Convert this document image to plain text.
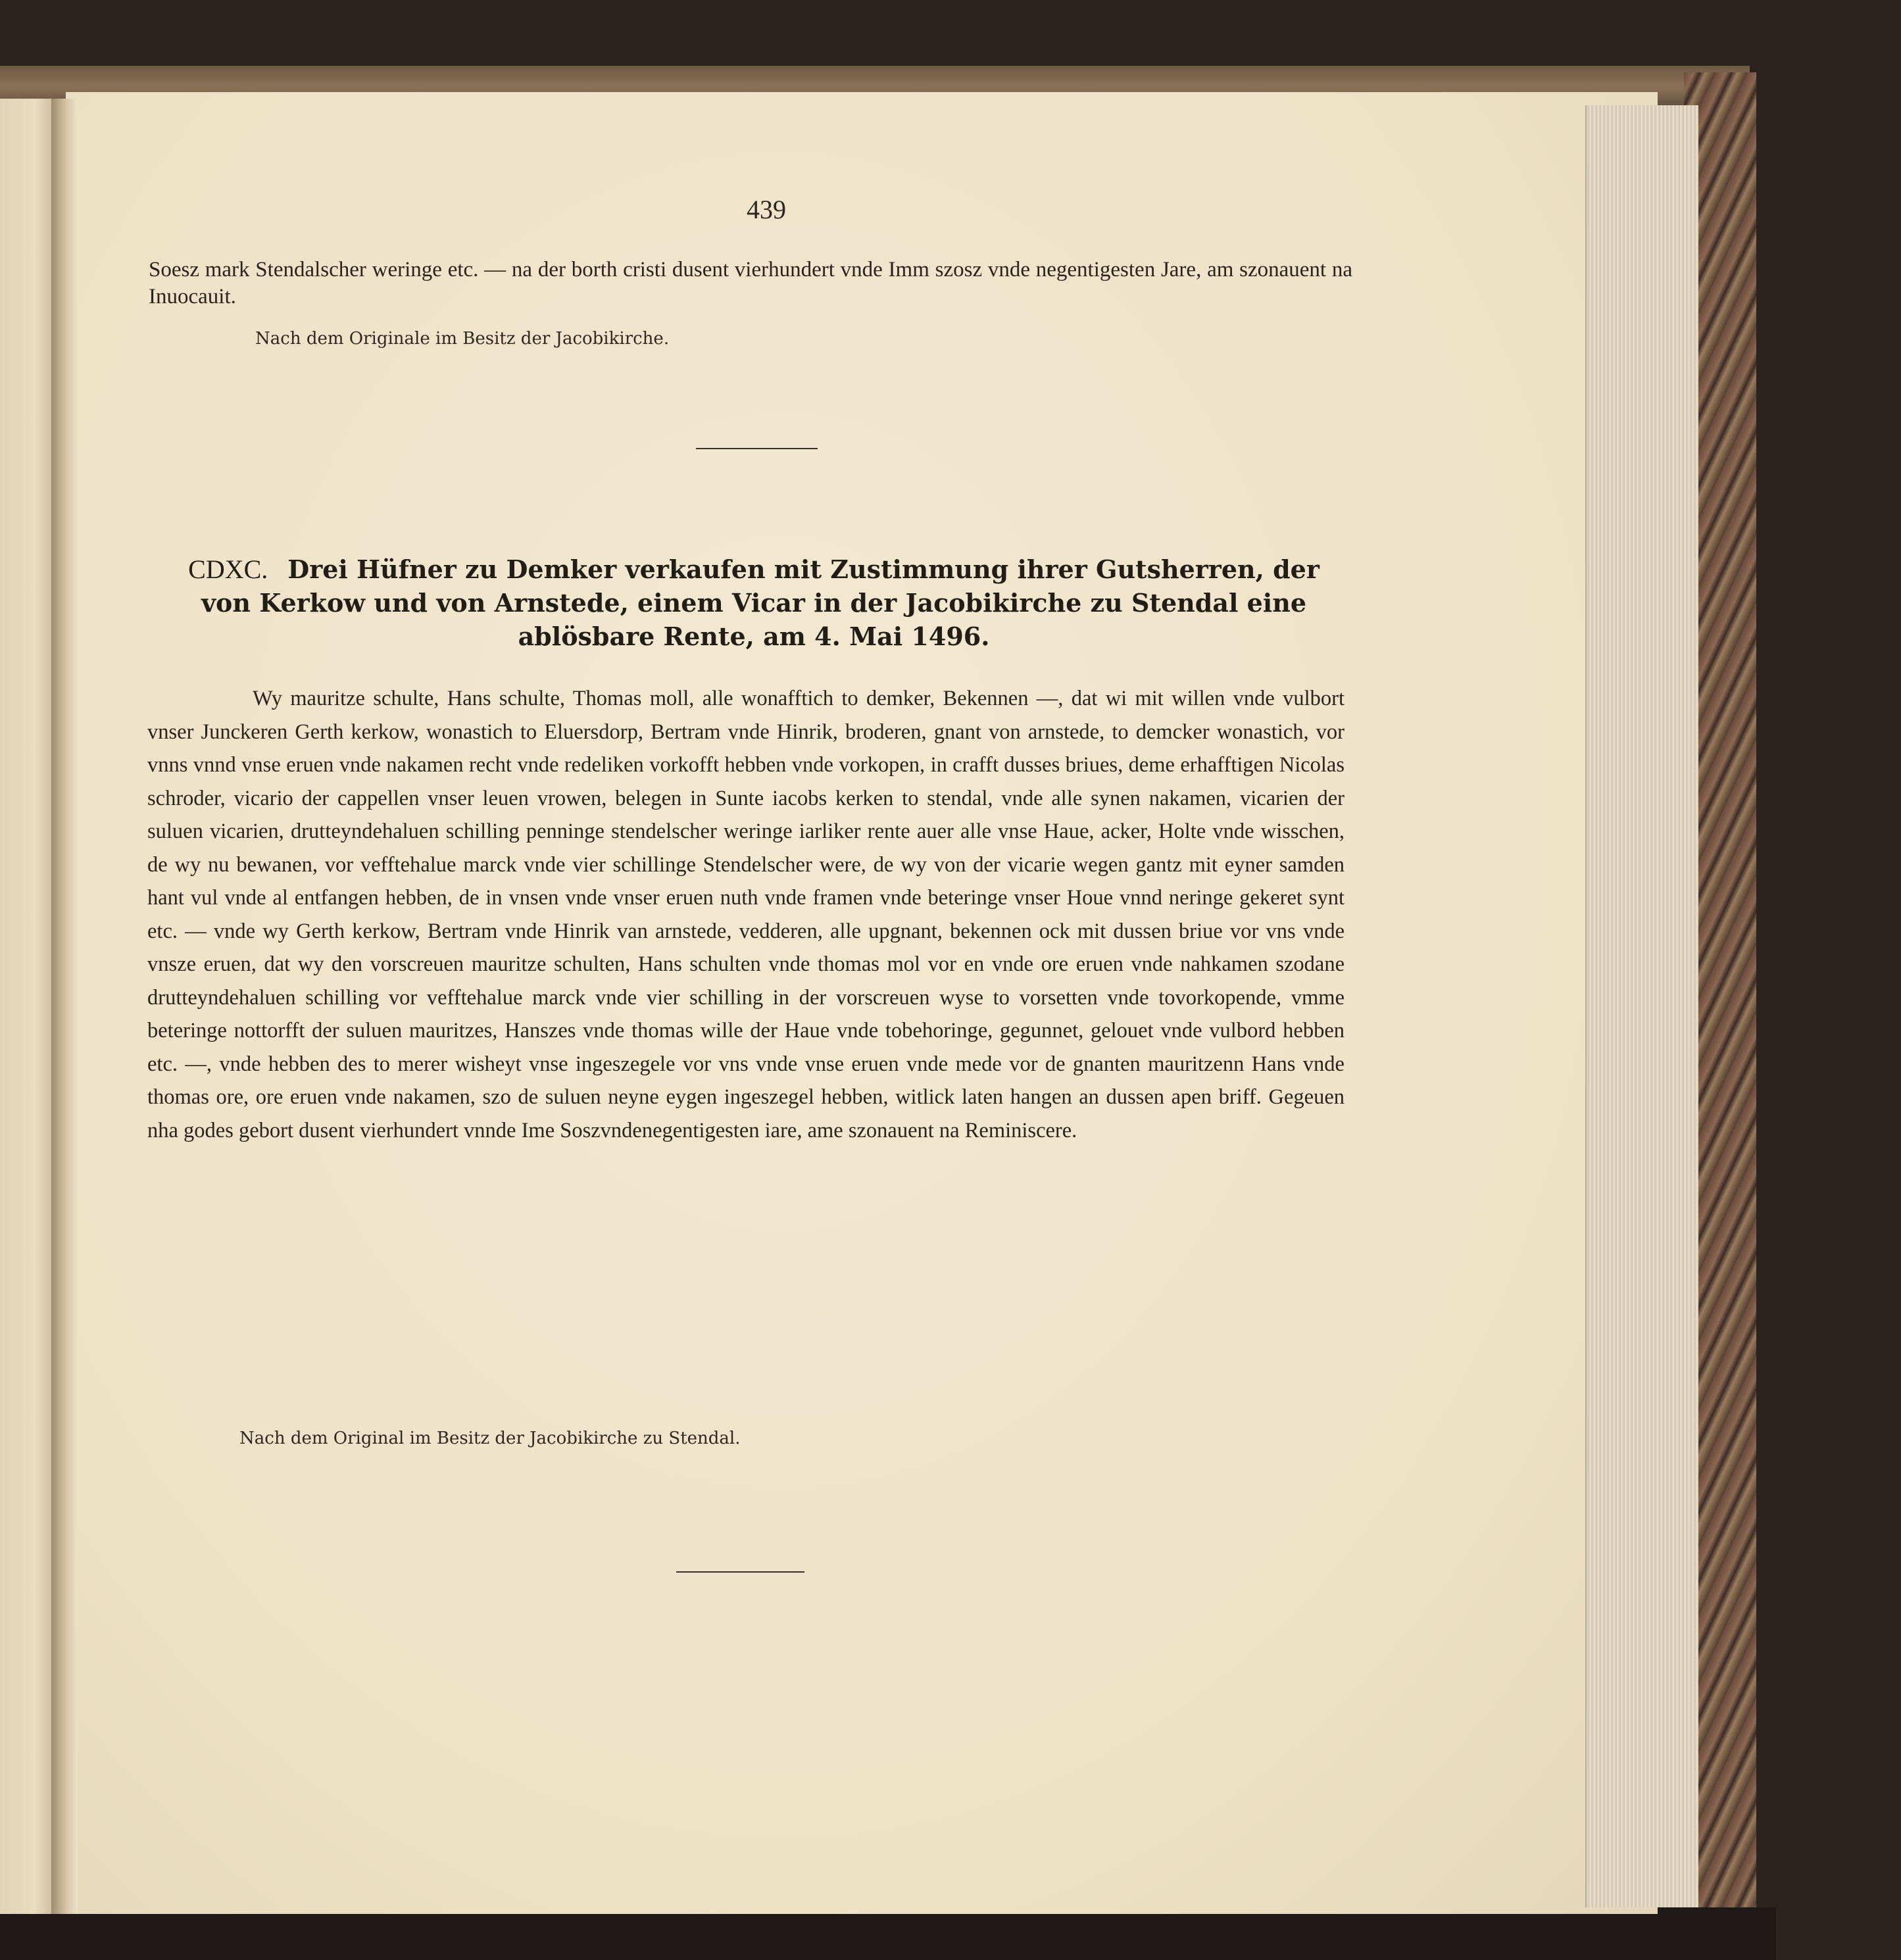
439
Soesz mark Stendalscher weringe etc. — na der borth cristi dusent vierhundert vnde Imm szosz vnde negentigesten Jare, am szonauent na Inuocauit.
Nach dem Originale im Besitz der Jacobikirche.
CDXC. Drei Hüfner zu Demker verkaufen mit Zustimmung ihrer Gutsherren, der von Kerkow und von Arnstede, einem Vicar in der Jacobikirche zu Stendal eine ablösbare Rente, am 4. Mai 1496.
Wy mauritze schulte, Hans schulte, Thomas moll, alle wonafftich to demker, Bekennen —, dat wi mit willen vnde vulbort vnser Junckeren Gerth kerkow, wonastich to Eluersdorp, Bertram vnde Hinrik, broderen, gnant von arnstede, to demcker wonastich, vor vnns vnnd vnse eruen vnde nakamen recht vnde redeliken vorkofft hebben vnde vorkopen, in crafft dusses briues, deme erhafftigen Nicolas schroder, vicario der cappellen vnser leuen vrowen, belegen in Sunte iacobs kerken to stendal, vnde alle synen nakamen, vicarien der suluen vicarien, drutteyndehaluen schilling penninge stendelscher weringe iarliker rente auer alle vnse Haue, acker, Holte vnde wisschen, de wy nu bewanen, vor vefftehalue marck vnde vier schillinge Stendelscher were, de wy von der vicarie wegen gantz mit eyner samden hant vul vnde al entfangen hebben, de in vnsen vnde vnser eruen nuth vnde framen vnde beteringe vnser Houe vnnd neringe gekeret synt etc. — vnde wy Gerth kerkow, Bertram vnde Hinrik van arnstede, vedderen, alle upgnant, bekennen ock mit dussen briue vor vns vnde vnsze eruen, dat wy den vorscreuen mauritze schulten, Hans schulten vnde thomas mol vor en vnde ore eruen vnde nahkamen szodane drutteyndehaluen schilling vor vefftehalue marck vnde vier schilling in der vorscreuen wyse to vorsetten vnde tovorkopende, vmme beteringe nottorfft der suluen mauritzes, Hanszes vnde thomas wille der Haue vnde tobehoringe, gegunnet, gelouet vnde vulbord hebben etc. —, vnde hebben des to merer wisheyt vnse ingeszegele vor vns vnde vnse eruen vnde mede vor de gnanten mauritzenn Hans vnde thomas ore, ore eruen vnde nakamen, szo de suluen neyne eygen ingeszegel hebben, witlick laten hangen an dussen apen briff. Gegeuen nha godes gebort dusent vierhundert vnnde Ime Soszvndenegentigesten iare, ame szonauent na Reminiscere.
Nach dem Original im Besitz der Jacobikirche zu Stendal.
